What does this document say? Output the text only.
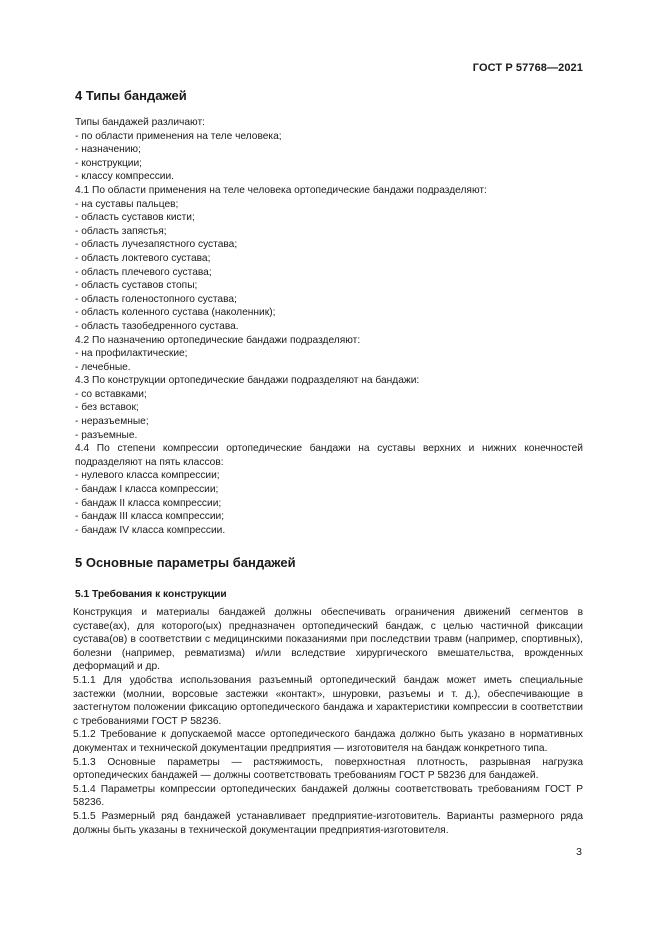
ГОСТ Р 57768—2021
4 Типы бандажей

Типы бандажей различают:

- по области применения на теле человека;

- назначению;

- конструкции;

- классу компрессии.

4.1 По области применения на теле человека ортопедические бандажи подразделяют:

- на суставы пальцев;

- область суставов кисти;

- область запястья;

- область лучезапястного сустава;

- область локтевого сустава;

- область плечевого сустава;

- область суставов стопы;

- область голеностопного сустава;

- область коленного сустава (наколенник);

- область тазобедренного сустава.

4.2 По назначению ортопедические бандажи подразделяют:

- на профилактические;

- лечебные.

4.3 По конструкции ортопедические бандажи подразделяют на бандажи:

- со вставками;

- без вставок;

- неразъемные;

- разъемные.

4.4 По степени компрессии ортопедические бандажи на суставы верхних и нижних конечностей подразделяют на пять классов:

- нулевого класса компрессии;

- бандаж I класса компрессии;

- бандаж II класса компрессии;

- бандаж III класса компрессии;

- бандаж IV класса компрессии.

5 Основные параметры бандажей
5.1 Требования к конструкции

Конструкция и материалы бандажей должны обеспечивать ограничения движений сегментов в суставе(ах), для которого(ых) предназначен ортопедический бандаж, с целью частичной фиксации сустава(ов) в соответствии с медицинскими показаниями при последствии травм (например, спортивных), болезни (например, ревматизма) и/или вследствие хирургического вмешательства, врожденных деформаций и др.

5.1.1 Для удобства использования разъемный ортопедический бандаж может иметь специальные застежки (молнии, ворсовые застежки «контакт», шнуровки, разъемы и т. д.), обеспечивающие в застегнутом положении фиксацию ортопедического бандажа и характеристики компрессии в соответствии с требованиями ГОСТ Р 58236.

5.1.2 Требование к допускаемой массе ортопедического бандажа должно быть указано в нормативных документах и технической документации предприятия — изготовителя на бандаж конкретного типа.

5.1.3 Основные параметры — растяжимость, поверхностная плотность, разрывная нагрузка ортопедических бандажей — должны соответствовать требованиям ГОСТ Р 58236 для бандажей.

5.1.4 Параметры компрессии ортопедических бандажей должны соответствовать требованиям ГОСТ Р 58236.

5.1.5 Размерный ряд бандажей устанавливает предприятие-изготовитель. Варианты размерного ряда должны быть указаны в технической документации предприятия-изготовителя.

3
